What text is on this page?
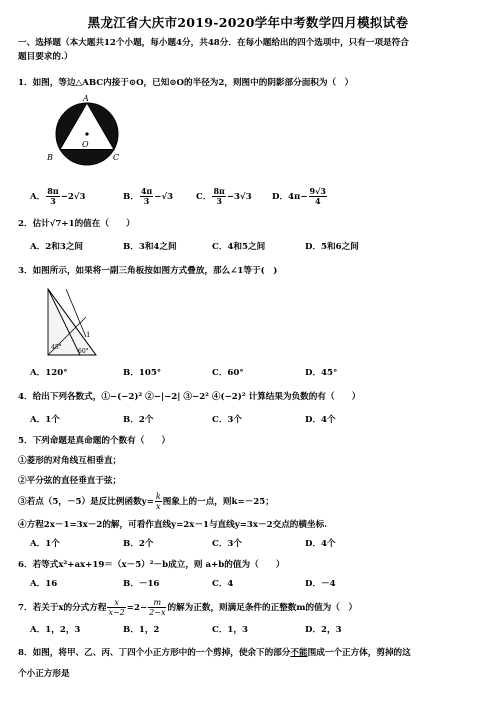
黑龙江省大庆市2019-2020学年中考数学四月模拟试卷
一、选择题（本大题共12个小题，每小题4分，共48分．在每小题给出的四个选项中，只有一项是符合
题目要求的.）
1．如图，等边△ABC内接于⊙O，已知⊙O的半径为2，则图中的阴影部分面积为（　）
A
O
B	C
A． $\frac{8\pi}{3} -2√3$	B． $\frac{4\pi}{3} -√3$	C． $\frac{8\pi}{3} -3√3$ D．$4\pi- \frac{9√3}{4}$
2．估计√7+1的值在（　　）
A．2和3之间	B．3和4之间	C．4和5之间	D．5和6之间
3．如图所示，如果将一副三角板按如图方式叠放，那么∠1等于(　)
1
45°
60°
A．120°	B．105°	C．60°	D．45°
4．给出下列各数式，①−(−2)² ②−|−2| ③−2² ④(−2)² 计算结果为负数的有（　　）
A．1个	B．2个	C．3个	D．4个
5．下列命题是真命题的个数有（　　）
①菱形的对角线互相垂直；
②平分弦的直径垂直于弦；
③若点（5，－5）是反比例函数$y= \frac{k}{x}$ 图象上的一点，则k=－25；
④方程2x－1=3x－2的解，可看作直线y=2x－1与直线y=3x－2交点的横坐标.
A．1个	B．2个	C．3个	D．4个
6．若等式x²+ax+19＝（x－5）²－b成立，则 a+b的值为（　　）
A．16	B．－16	C．4	D．－4
7．若关于x的分式方程 $\frac{x}{x-2} =2- \frac{m}{2-x}$ 的解为正数，则满足条件的正整数m的值为（　）
A．1，2，3	B．1，2	C．1，3	D．2，3
8．如图，将甲、乙、丙、丁四个小正方形中的一个剪掉，使余下的部分不能围成一个正方体，剪掉的这
个小正方形是
